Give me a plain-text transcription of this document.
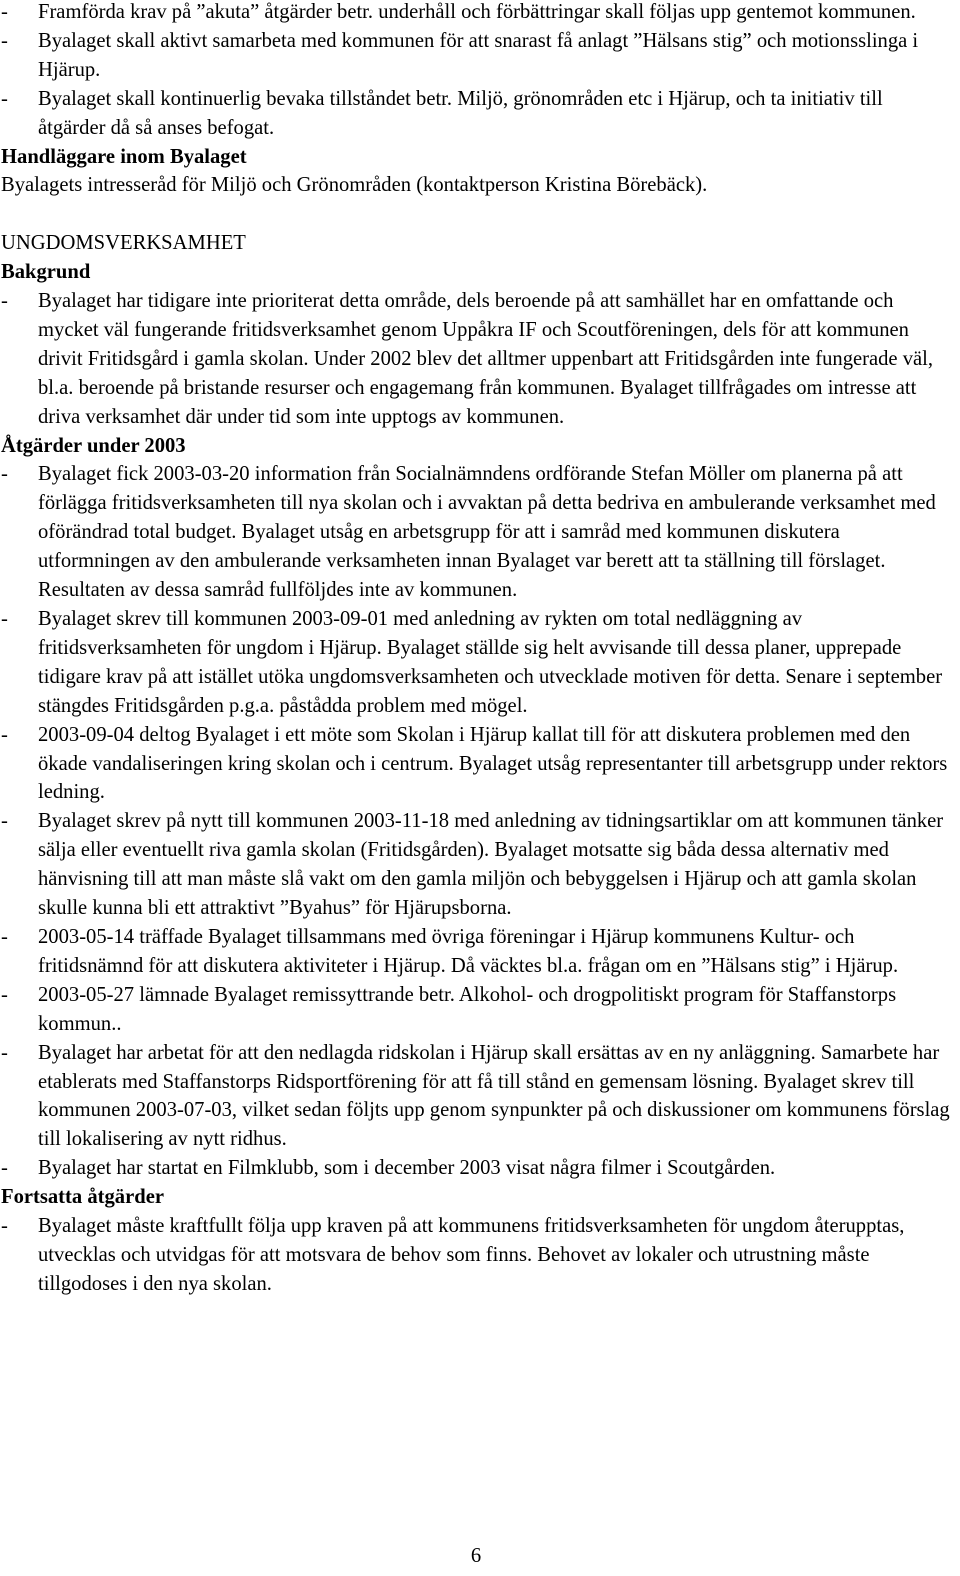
- Framförda krav på ”akuta” åtgärder betr. underhåll och förbättringar skall följas upp gentemot kommunen.
- Byalaget skall aktivt samarbeta med kommunen för att snarast få anlagt ”Hälsans stig” och motionsslinga i Hjärup.
- Byalaget skall kontinuerlig bevaka tillståndet betr. Miljö, grönområden etc i Hjärup, och ta initiativ till åtgärder då så anses befogat.
Handläggare inom Byalaget
Byalagets intresseråd för Miljö och Grönområden (kontaktperson Kristina Börebäck).
UNGDOMSVERKSAMHET
Bakgrund
- Byalaget har tidigare inte prioriterat detta område, dels beroende på att samhället har en omfattande och mycket väl fungerande fritidsverksamhet genom Uppåkra IF och Scoutföreningen, dels för att kommunen drivit Fritidsgård i gamla skolan. Under 2002 blev det alltmer uppenbart att Fritidsgården inte fungerade väl, bl.a. beroende på bristande resurser och engagemang från kommunen. Byalaget tillfrågades om intresse att driva verksamhet där under tid som inte upptogs av kommunen.
Åtgärder under 2003
- Byalaget fick 2003-03-20 information från Socialnämndens ordförande Stefan Möller om planerna på att förlägga fritidsverksamheten till nya skolan och i avvaktan på detta bedriva en ambulerande verksamhet med oförändrad total budget. Byalaget utsåg en arbetsgrupp för att i samråd med kommunen diskutera utformningen av den ambulerande verksamheten innan Byalaget var berett att ta ställning till förslaget. Resultaten av dessa samråd fullföljdes inte av kommunen.
- Byalaget skrev till kommunen 2003-09-01 med anledning av rykten om total nedläggning av fritidsverksamheten för ungdom i Hjärup. Byalaget ställde sig helt avvisande till dessa planer, upprepade tidigare krav på att istället utöka ungdomsverksamheten och utvecklade motiven för detta. Senare i september stängdes Fritidsgården p.g.a. påstådda problem med mögel.
- 2003-09-04 deltog Byalaget i ett möte som Skolan i Hjärup kallat till för att diskutera problemen med den ökade vandaliseringen kring skolan och i centrum. Byalaget utsåg representanter till arbetsgrupp under rektors ledning.
- Byalaget skrev på nytt till kommunen 2003-11-18 med anledning av tidningsartiklar om att kommunen tänker sälja eller eventuellt riva gamla skolan (Fritidsgården). Byalaget motsatte sig båda dessa alternativ med hänvisning till att man måste slå vakt om den gamla miljön och bebyggelsen i Hjärup och att gamla skolan skulle kunna bli ett attraktivt ”Byahus” för Hjärupsborna.
- 2003-05-14 träffade Byalaget tillsammans med övriga föreningar i Hjärup kommunens Kultur- och fritidsnämnd för att diskutera aktiviteter i Hjärup. Då väcktes bl.a. frågan om en ”Hälsans stig” i Hjärup.
- 2003-05-27 lämnade Byalaget remissyttrande betr. Alkohol- och drogpolitiskt program för Staffanstorps kommun..
- Byalaget har arbetat för att den nedlagda ridskolan i Hjärup skall ersättas av en ny anläggning. Samarbete har etablerats med Staffanstorps Ridsportförening för att få till stånd en gemensam lösning. Byalaget skrev till kommunen 2003-07-03, vilket sedan följts upp genom synpunkter på och diskussioner om kommunens förslag till lokalisering av nytt ridhus.
- Byalaget har startat en Filmklubb, som i december 2003 visat några filmer i Scoutgården.
Fortsatta åtgärder
- Byalaget måste kraftfullt följa upp kraven på att kommunens fritidsverksamheten för ungdom återupptas, utvecklas och utvidgas för att motsvara de behov som finns. Behovet av lokaler och utrustning måste tillgodoses i den nya skolan.
6
